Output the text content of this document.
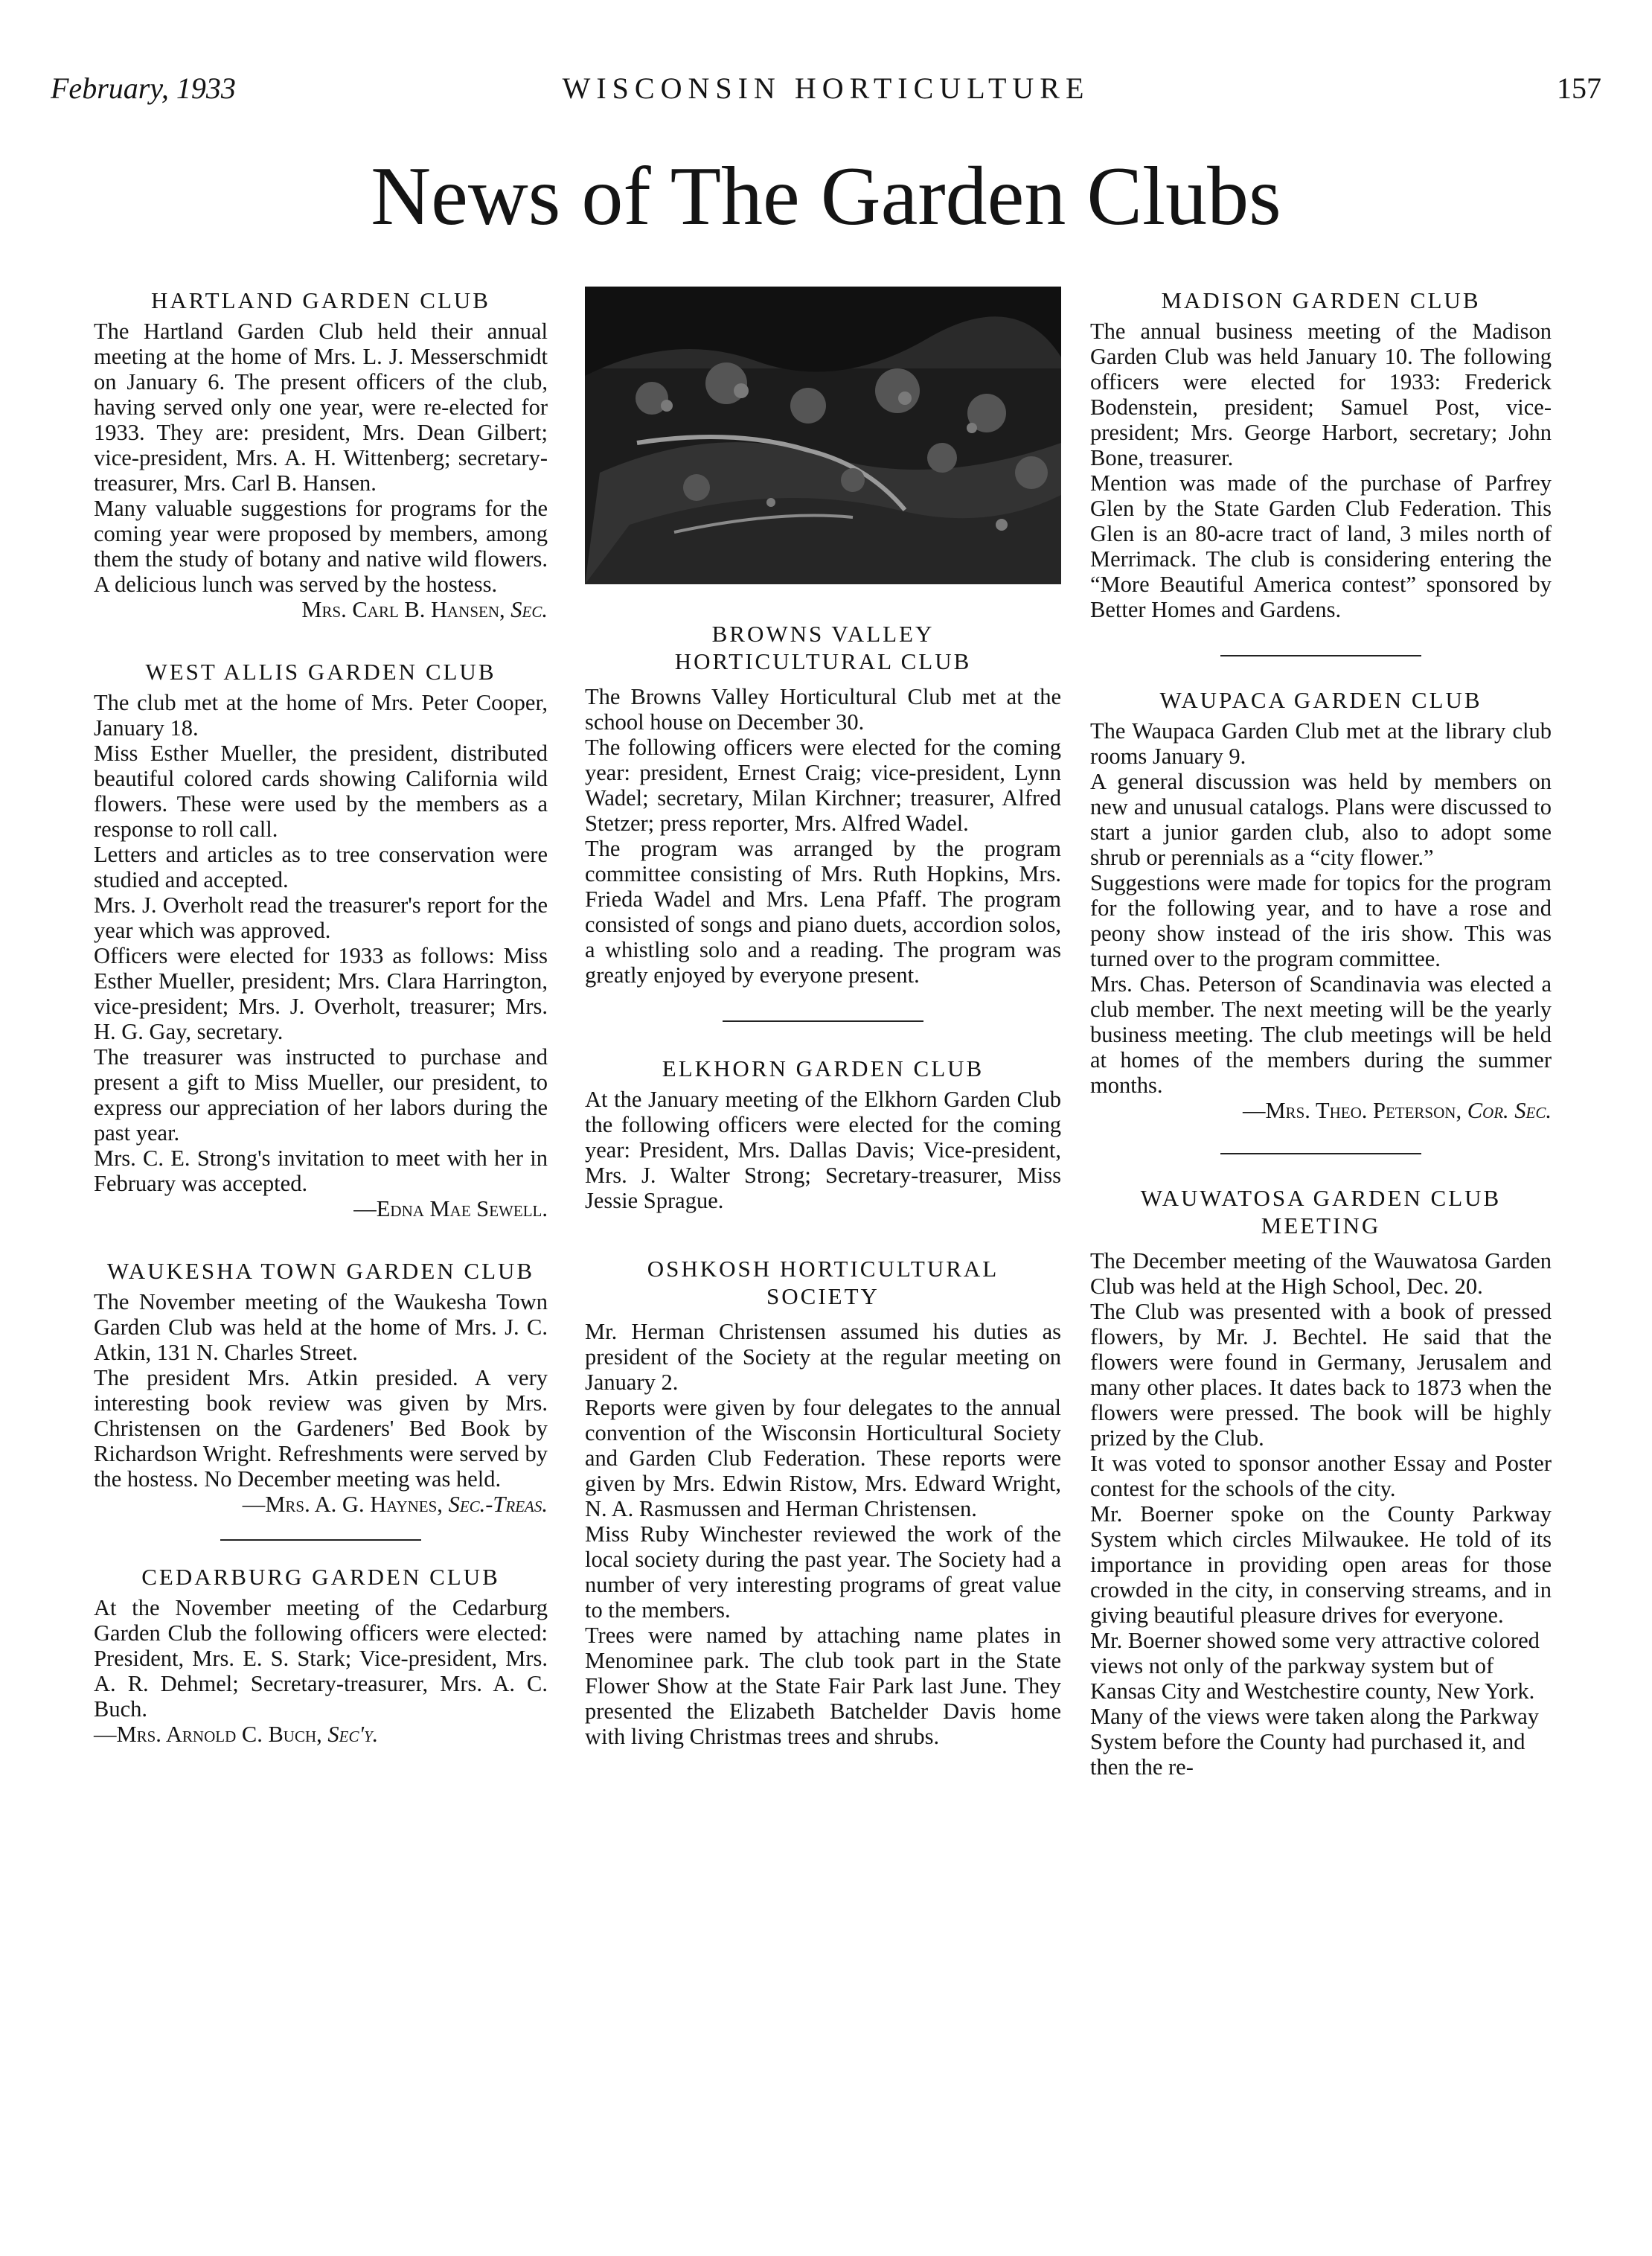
February, 1933	WISCONSIN HORTICULTURE	157
News of The Garden Clubs
HARTLAND GARDEN CLUB

The Hartland Garden Club held their annual meeting at the home of Mrs. L. J. Messerschmidt on January 6. The present officers of the club, having served only one year, were re-elected for 1933. They are: president, Mrs. Dean Gilbert; vice-president, Mrs. A. H. Wittenberg; secretary-treasurer, Mrs. Carl B. Hansen.

Many valuable suggestions for programs for the coming year were proposed by members, among them the study of botany and native wild flowers. A delicious lunch was served by the hostess.

Mrs. Carl B. Hansen, Sec.

WEST ALLIS GARDEN CLUB

The club met at the home of Mrs. Peter Cooper, January 18.

Miss Esther Mueller, the president, distributed beautiful colored cards showing California wild flowers. These were used by the members as a response to roll call.

Letters and articles as to tree conservation were studied and accepted.

Mrs. J. Overholt read the treasurer's report for the year which was approved.

Officers were elected for 1933 as follows: Miss Esther Mueller, president; Mrs. Clara Harrington, vice-president; Mrs. J. Overholt, treasurer; Mrs. H. G. Gay, secretary.

The treasurer was instructed to purchase and present a gift to Miss Mueller, our president, to express our appreciation of her labors during the past year.

Mrs. C. E. Strong's invitation to meet with her in February was accepted.

—Edna Mae Sewell.

WAUKESHA TOWN GARDEN CLUB

The November meeting of the Waukesha Town Garden Club was held at the home of Mrs. J. C. Atkin, 131 N. Charles Street.

The president Mrs. Atkin presided. A very interesting book review was given by Mrs. Christensen on the Gardeners' Bed Book by Richardson Wright. Refreshments were served by the hostess. No December meeting was held.

—Mrs. A. G. Haynes, Sec.-Treas.

CEDARBURG GARDEN CLUB

At the November meeting of the Cedarburg Garden Club the following officers were elected: President, Mrs. E. S. Stark; Vice-president, Mrs. A. R. Dehmel; Secretary-treasurer, Mrs. A. C. Buch.

—Mrs. Arnold C. Buch, Sec'y.

BROWNS VALLEY HORTICULTURAL CLUB

The Browns Valley Horticultural Club met at the school house on December 30.

The following officers were elected for the coming year: president, Ernest Craig; vice-president, Lynn Wadel; secretary, Milan Kirchner; treasurer, Alfred Stetzer; press reporter, Mrs. Alfred Wadel.

The program was arranged by the program committee consisting of Mrs. Ruth Hopkins, Mrs. Frieda Wadel and Mrs. Lena Pfaff. The program consisted of songs and piano duets, accordion solos, a whistling solo and a reading. The program was greatly enjoyed by everyone present.

ELKHORN GARDEN CLUB

At the January meeting of the Elkhorn Garden Club the following officers were elected for the coming year: President, Mrs. Dallas Davis; Vice-president, Mrs. J. Walter Strong; Secretary-treasurer, Miss Jessie Sprague.

OSHKOSH HORTICULTURAL SOCIETY

Mr. Herman Christensen assumed his duties as president of the Society at the regular meeting on January 2.

Reports were given by four delegates to the annual convention of the Wisconsin Horticultural Society and Garden Club Federation. These reports were given by Mrs. Edwin Ristow, Mrs. Edward Wright, N. A. Rasmussen and Herman Christensen.

Miss Ruby Winchester reviewed the work of the local society during the past year. The Society had a number of very interesting programs of great value to the members.

Trees were named by attaching name plates in Menominee park. The club took part in the State Flower Show at the State Fair Park last June. They presented the Elizabeth Batchelder Davis home with living Christmas trees and shrubs.

MADISON GARDEN CLUB

The annual business meeting of the Madison Garden Club was held January 10. The following officers were elected for 1933: Frederick Bodenstein, president; Samuel Post, vice-president; Mrs. George Harbort, secretary; John Bone, treasurer.

Mention was made of the purchase of Parfrey Glen by the State Garden Club Federation. This Glen is an 80-acre tract of land, 3 miles north of Merrimack. The club is considering entering the “More Beautiful America contest” sponsored by Better Homes and Gardens.

WAUPACA GARDEN CLUB

The Waupaca Garden Club met at the library club rooms January 9.

A general discussion was held by members on new and unusual catalogs. Plans were discussed to start a junior garden club, also to adopt some shrub or perennials as a “city flower.”

Suggestions were made for topics for the program for the following year, and to have a rose and peony show instead of the iris show. This was turned over to the program committee.

Mrs. Chas. Peterson of Scandinavia was elected a club member. The next meeting will be the yearly business meeting. The club meetings will be held at homes of the members during the summer months.

—Mrs. Theo. Peterson, Cor. Sec.

WAUWATOSA GARDEN CLUB MEETING

The December meeting of the Wauwatosa Garden Club was held at the High School, Dec. 20.

The Club was presented with a book of pressed flowers, by Mr. J. Bechtel. He said that the flowers were found in Germany, Jerusalem and many other places. It dates back to 1873 when the flowers were pressed. The book will be highly prized by the Club.

It was voted to sponsor another Essay and Poster contest for the schools of the city.

Mr. Boerner spoke on the County Parkway System which circles Milwaukee. He told of its importance in providing open areas for those crowded in the city, in conserving streams, and in giving beautiful pleasure drives for everyone.

Mr. Boerner showed some very attractive colored views not only of the parkway system but of Kansas City and Westchestire county, New York. Many of the views were taken along the Parkway System before the County had purchased it, and then the re-
